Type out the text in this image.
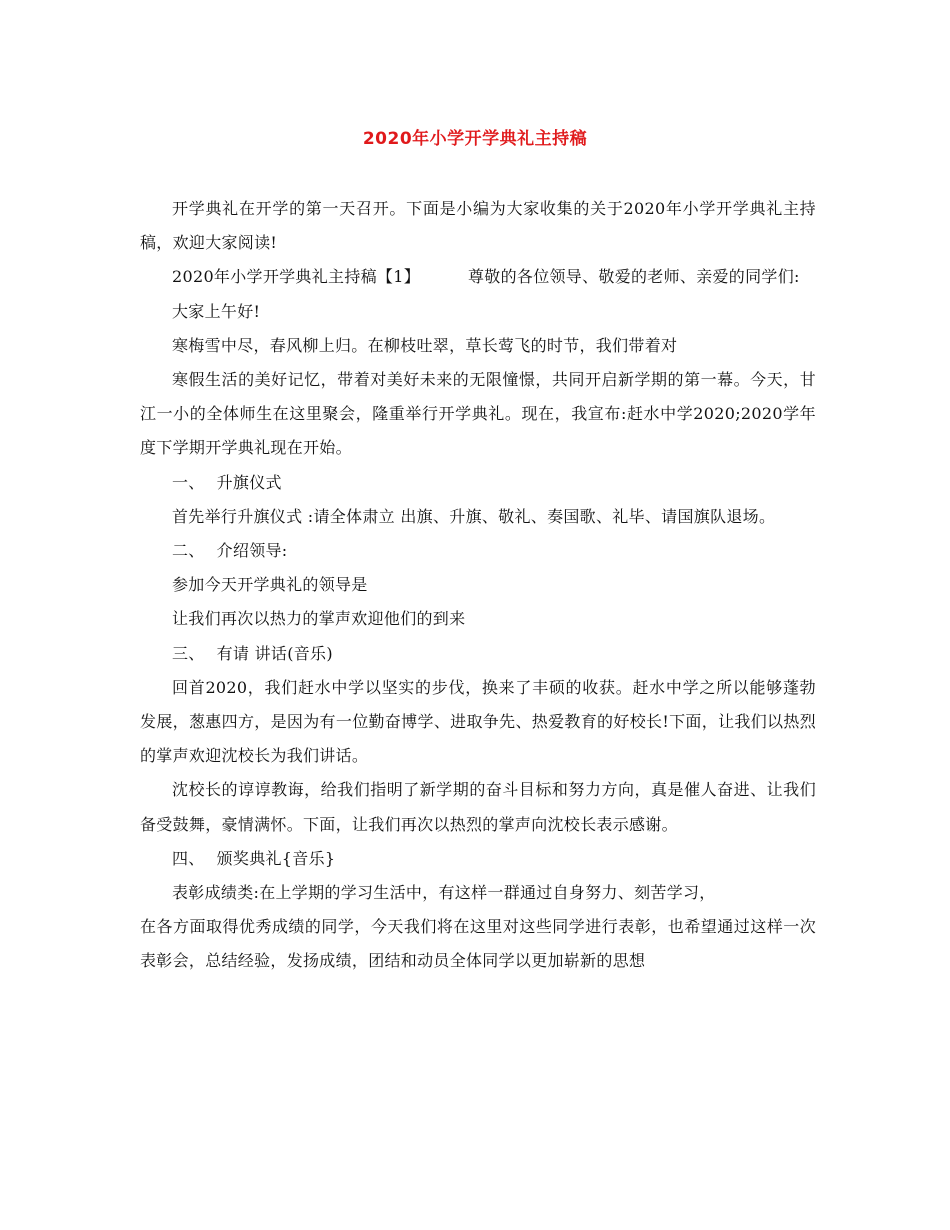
2020年小学开学典礼主持稿

开学典礼在开学的第一天召开。下面是小编为大家收集的关于2020年小学开学典礼主持稿，欢迎大家阅读!

2020年小学开学典礼主持稿【1】	尊敬的各位领导、敬爱的老师、亲爱的同学们:

大家上午好!

寒梅雪中尽，春风柳上归。在柳枝吐翠，草长莺飞的时节，我们带着对

寒假生活的美好记忆，带着对美好未来的无限憧憬，共同开启新学期的第一幕。今天，甘江一小的全体师生在这里聚会，隆重举行开学典礼。现在，我宣布:赶水中学2020;2020学年度下学期开学典礼现在开始。

一、 升旗仪式

首先举行升旗仪式 :请全体肃立 出旗、升旗、敬礼、奏国歌、礼毕、请国旗队退场。

二、 介绍领导:

参加今天开学典礼的领导是

让我们再次以热力的掌声欢迎他们的到来

三、 有请 讲话(音乐)

回首2020，我们赶水中学以坚实的步伐，换来了丰硕的收获。赶水中学之所以能够蓬勃发展，葱惠四方，是因为有一位勤奋博学、进取争先、热爱教育的好校长!下面，让我们以热烈的掌声欢迎沈校长为我们讲话。

沈校长的谆谆教诲，给我们指明了新学期的奋斗目标和努力方向，真是催人奋进、让我们备受鼓舞，豪情满怀。下面，让我们再次以热烈的掌声向沈校长表示感谢。

四、 颁奖典礼{音乐}

表彰成绩类:在上学期的学习生活中，有这样一群通过自身努力、刻苦学习，

在各方面取得优秀成绩的同学，今天我们将在这里对这些同学进行表彰，也希望通过这样一次表彰会，总结经验，发扬成绩，团结和动员全体同学以更加崭新的思想
